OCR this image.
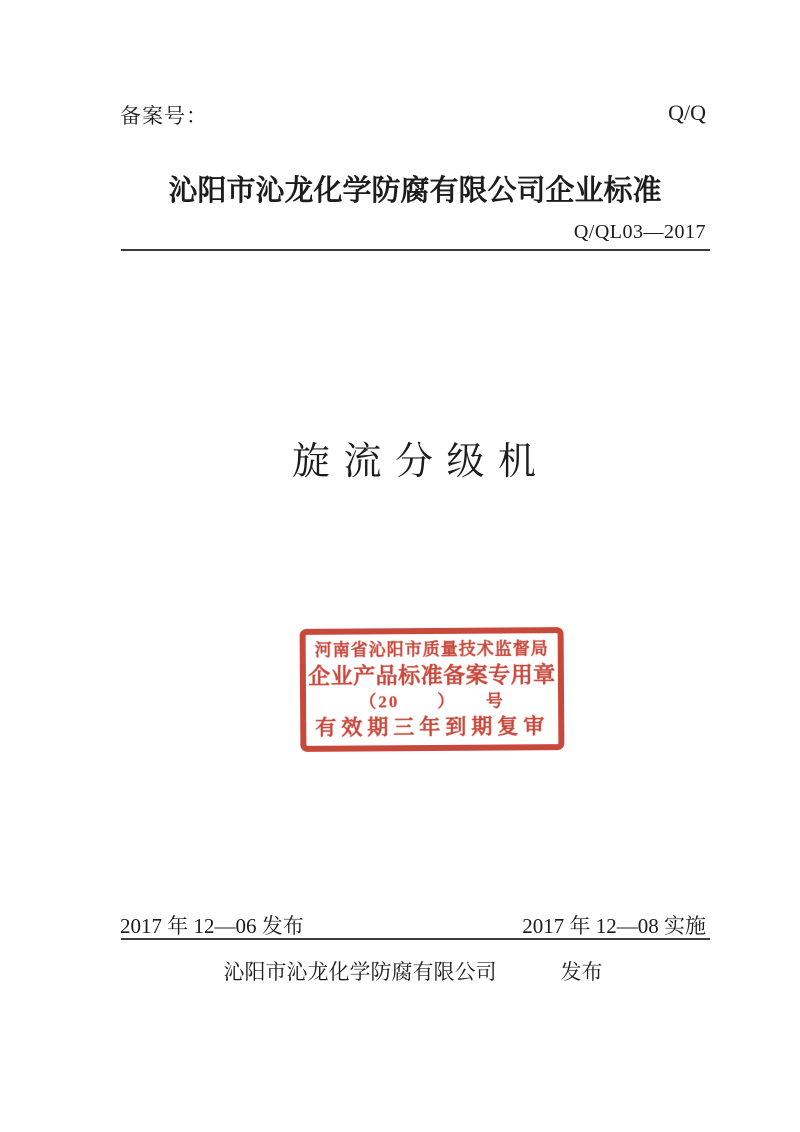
备案号：	Q/Q
沁阳市沁龙化学防腐有限公司企业标准
Q/QL03—2017
旋 流 分 级 机
河南省沁阳市质量技术监督局
企业产品标准备案专用章
（20　　）　　号
有效期三年到期复审
2017 年 12—06 发布	2017 年 12—08 实施
沁阳市沁龙化学防腐有限公司	发布
